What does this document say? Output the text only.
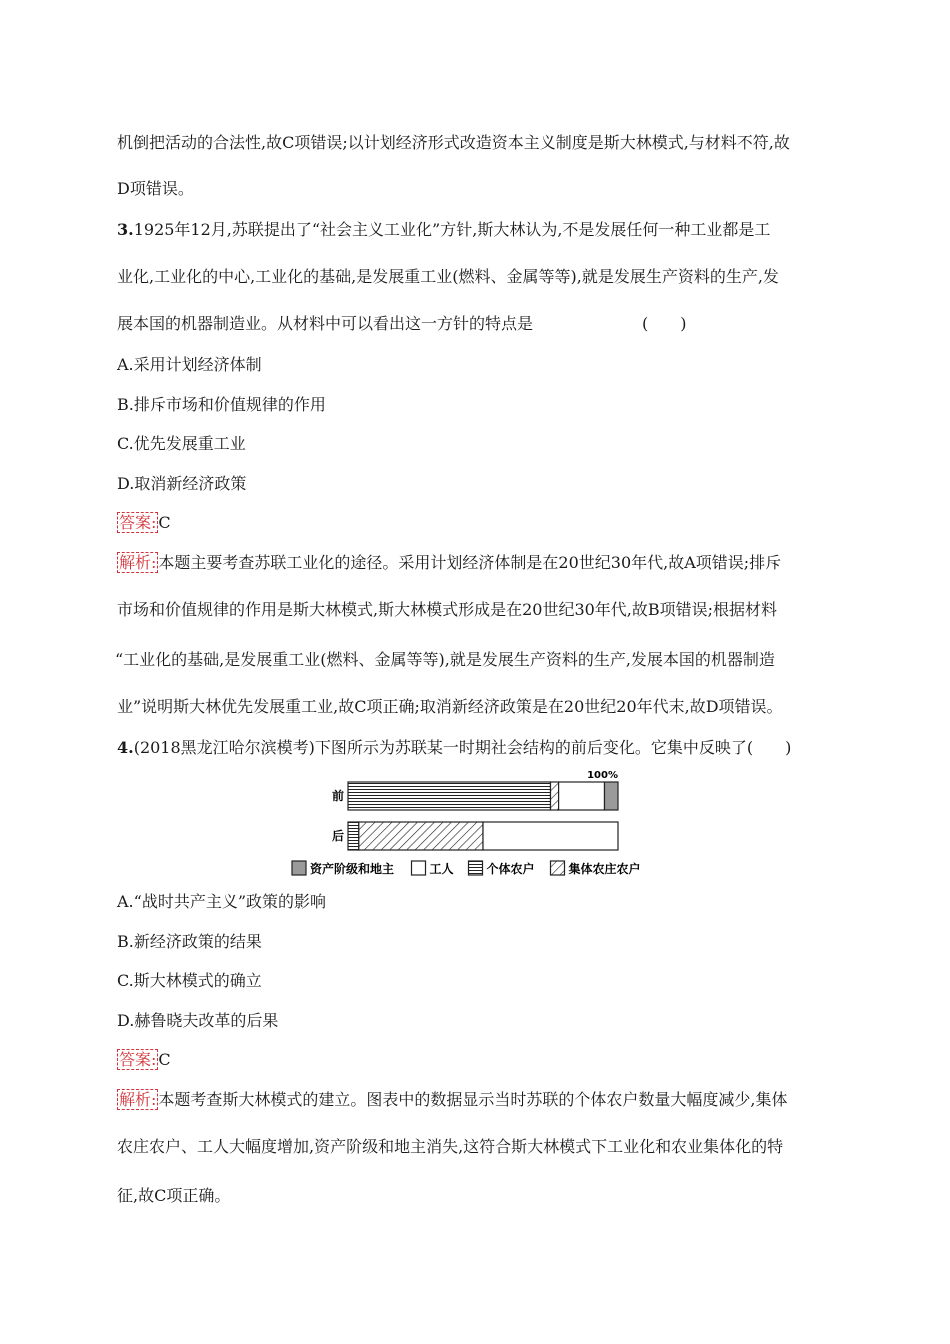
机倒把活动的合法性,故C项错误;以计划经济形式改造资本主义制度是斯大林模式,与材料不符,故
D项错误。
3.1925年12月,苏联提出了“社会主义工业化”方针,斯大林认为,不是发展任何一种工业都是工
业化,工业化的中心,工业化的基础,是发展重工业(燃料、金属等等),就是发展生产资料的生产,发
展本国的机器制造业。从材料中可以看出这一方针的特点是	(　　)
A.采用计划经济体制
B.排斥市场和价值规律的作用
C.优先发展重工业
D.取消新经济政策
答案: C
解析: 本题主要考查苏联工业化的途径。采用计划经济体制是在20世纪30年代,故A项错误;排斥
市场和价值规律的作用是斯大林模式,斯大林模式形成是在20世纪30年代,故B项错误;根据材料
“工业化的基础,是发展重工业(燃料、金属等等),就是发展生产资料的生产,发展本国的机器制造
业”说明斯大林优先发展重工业,故C项正确;取消新经济政策是在20世纪20年代末,故D项错误。
4.(2018黑龙江哈尔滨模考)下图所示为苏联某一时期社会结构的前后变化。它集中反映了(　　)
前
后
100%
资产阶级和地主	工人	个体农户	集体农庄农户
A.“战时共产主义”政策的影响
B.新经济政策的结果
C.斯大林模式的确立
D.赫鲁晓夫改革的后果
答案: C
解析: 本题考查斯大林模式的建立。图表中的数据显示当时苏联的个体农户数量大幅度减少,集体
农庄农户、工人大幅度增加,资产阶级和地主消失,这符合斯大林模式下工业化和农业集体化的特
征,故C项正确。
